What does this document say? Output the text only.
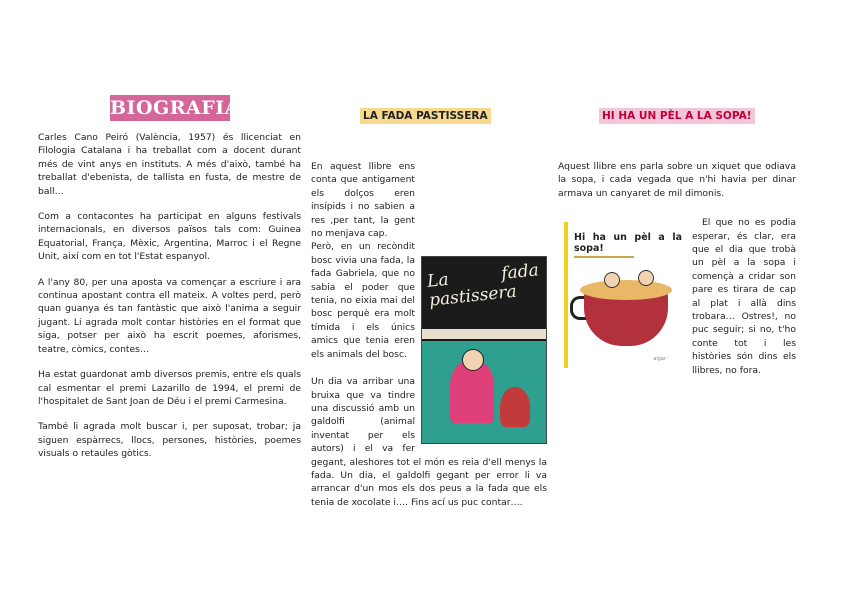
BIOGRAFIA

Carles Cano Peiró (València, 1957) és llicenciat en Filologia Catalana i ha treballat com a docent durant més de vint anys en instituts. A més d'això, també ha treballat d'ebenista, de tallista en fusta, de mestre de ball…

Com a contacontes ha participat en alguns festivals internacionals, en diversos països tals com: Guinea Equatorial, França, Mèxic, Argentina, Marroc i el Regne Unit, així com en tot l'Estat espanyol.

A l'any 80, per una aposta va començar a escriure i ara continua apostant contra ell mateix. A voltes perd, però quan guanya és tan fantàstic que això l'anima a seguir jugant. Li agrada molt contar històries en el format que siga, potser per això ha escrit poemes, aforismes, teatre, còmics, contes…

Ha estat guardonat amb diversos premis, entre els quals cal esmentar el premi Lazarillo de 1994, el premi de l'hospitalet de Sant Joan de Déu i el premi Carmesina.

També li agrada molt buscar i, per suposat, trobar; ja siguen espàrrecs, llocs, persones, històries, poemes visuals o retaules gòtics.

LA FADA PASTISSERA
La fada pastissera

En aquest llibre ens conta que antigament els dolços eren insípids i no sabien a res ,per tant, la gent no menjava cap.
Però, en un recòndit bosc vivia una fada, la fada Gabriela, que no sabia el poder que tenia, no eixia mai del bosc perquè era molt tímida i els únics amics que tenia eren els animals del bosc.

Un dia va arribar una bruixa que va tindre una discussió amb un galdolfi (animal inventat per els autors) i el va fer gegant, aleshores tot el món es reia d'ell menys la fada. Un dia, el galdolfi gegant per error li va arrancar d'un mos els dos peus a la fada que els tenia de xocolate i…. Fins ací us puc contar….

HI HA UN PÈL A LA SOPA!

Aquest llibre ens parla sobre un xiquet que odiava la sopa, i cada vegada que n'hi havia per dinar armava un canyaret de mil dimonis.

Hi ha un pèl a la sopa!
algar

El que no es podia esperar, és clar, era que el dia que trobà un pèl a la sopa i començà a cridar son pare es tirara de cap al plat i allà dins trobara… Ostres!, no puc seguir; si no, t'ho conte tot i les històries són dins els llibres, no fora.
